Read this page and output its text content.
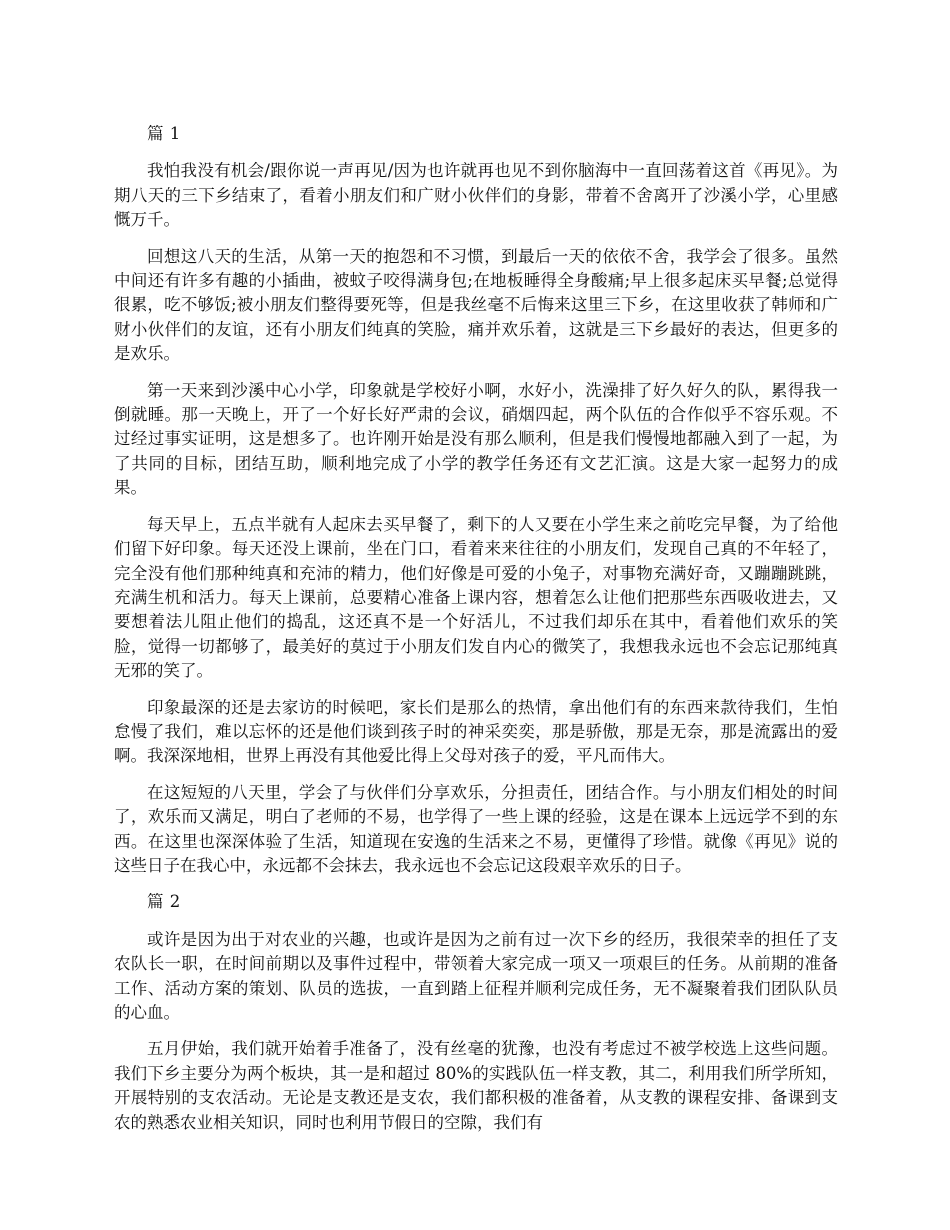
篇 1

我怕我没有机会/跟你说一声再见/因为也许就再也见不到你脑海中一直回荡着这首《再见》。为期八天的三下乡结束了，看着小朋友们和广财小伙伴们的身影，带着不舍离开了沙溪小学，心里感慨万千。

回想这八天的生活，从第一天的抱怨和不习惯，到最后一天的依依不舍，我学会了很多。虽然中间还有许多有趣的小插曲，被蚊子咬得满身包;在地板睡得全身酸痛;早上很多起床买早餐;总觉得很累，吃不够饭;被小朋友们整得要死等，但是我丝毫不后悔来这里三下乡，在这里收获了韩师和广财小伙伴们的友谊，还有小朋友们纯真的笑脸，痛并欢乐着，这就是三下乡最好的表达，但更多的是欢乐。

第一天来到沙溪中心小学，印象就是学校好小啊，水好小，洗澡排了好久好久的队，累得我一倒就睡。那一天晚上，开了一个好长好严肃的会议，硝烟四起，两个队伍的合作似乎不容乐观。不过经过事实证明，这是想多了。也许刚开始是没有那么顺利，但是我们慢慢地都融入到了一起，为了共同的目标，团结互助，顺利地完成了小学的教学任务还有文艺汇演。这是大家一起努力的成果。

每天早上，五点半就有人起床去买早餐了，剩下的人又要在小学生来之前吃完早餐，为了给他们留下好印象。每天还没上课前，坐在门口，看着来来往往的小朋友们，发现自己真的不年轻了，完全没有他们那种纯真和充沛的精力，他们好像是可爱的小兔子，对事物充满好奇，又蹦蹦跳跳，充满生机和活力。每天上课前，总要精心准备上课内容，想着怎么让他们把那些东西吸收进去，又要想着法儿阻止他们的捣乱，这还真不是一个好活儿，不过我们却乐在其中，看着他们欢乐的笑脸，觉得一切都够了，最美好的莫过于小朋友们发自内心的微笑了，我想我永远也不会忘记那纯真无邪的笑了。

印象最深的还是去家访的时候吧，家长们是那么的热情，拿出他们有的东西来款待我们，生怕怠慢了我们，难以忘怀的还是他们谈到孩子时的神采奕奕，那是骄傲，那是无奈，那是流露出的爱啊。我深深地相，世界上再没有其他爱比得上父母对孩子的爱，平凡而伟大。

在这短短的八天里，学会了与伙伴们分享欢乐，分担责任，团结合作。与小朋友们相处的时间了，欢乐而又满足，明白了老师的不易，也学得了一些上课的经验，这是在课本上远远学不到的东西。在这里也深深体验了生活，知道现在安逸的生活来之不易，更懂得了珍惜。就像《再见》说的这些日子在我心中，永远都不会抹去，我永远也不会忘记这段艰辛欢乐的日子。

篇 2

或许是因为出于对农业的兴趣，也或许是因为之前有过一次下乡的经历，我很荣幸的担任了支农队长一职，在时间前期以及事件过程中，带领着大家完成一项又一项艰巨的任务。从前期的准备工作、活动方案的策划、队员的选拔，一直到踏上征程并顺利完成任务，无不凝聚着我们团队队员的心血。

五月伊始，我们就开始着手准备了，没有丝毫的犹豫，也没有考虑过不被学校选上这些问题。我们下乡主要分为两个板块，其一是和超过 80%的实践队伍一样支教，其二，利用我们所学所知，开展特别的支农活动。无论是支教还是支农，我们都积极的准备着，从支教的课程安排、备课到支农的熟悉农业相关知识，同时也利用节假日的空隙，我们有
